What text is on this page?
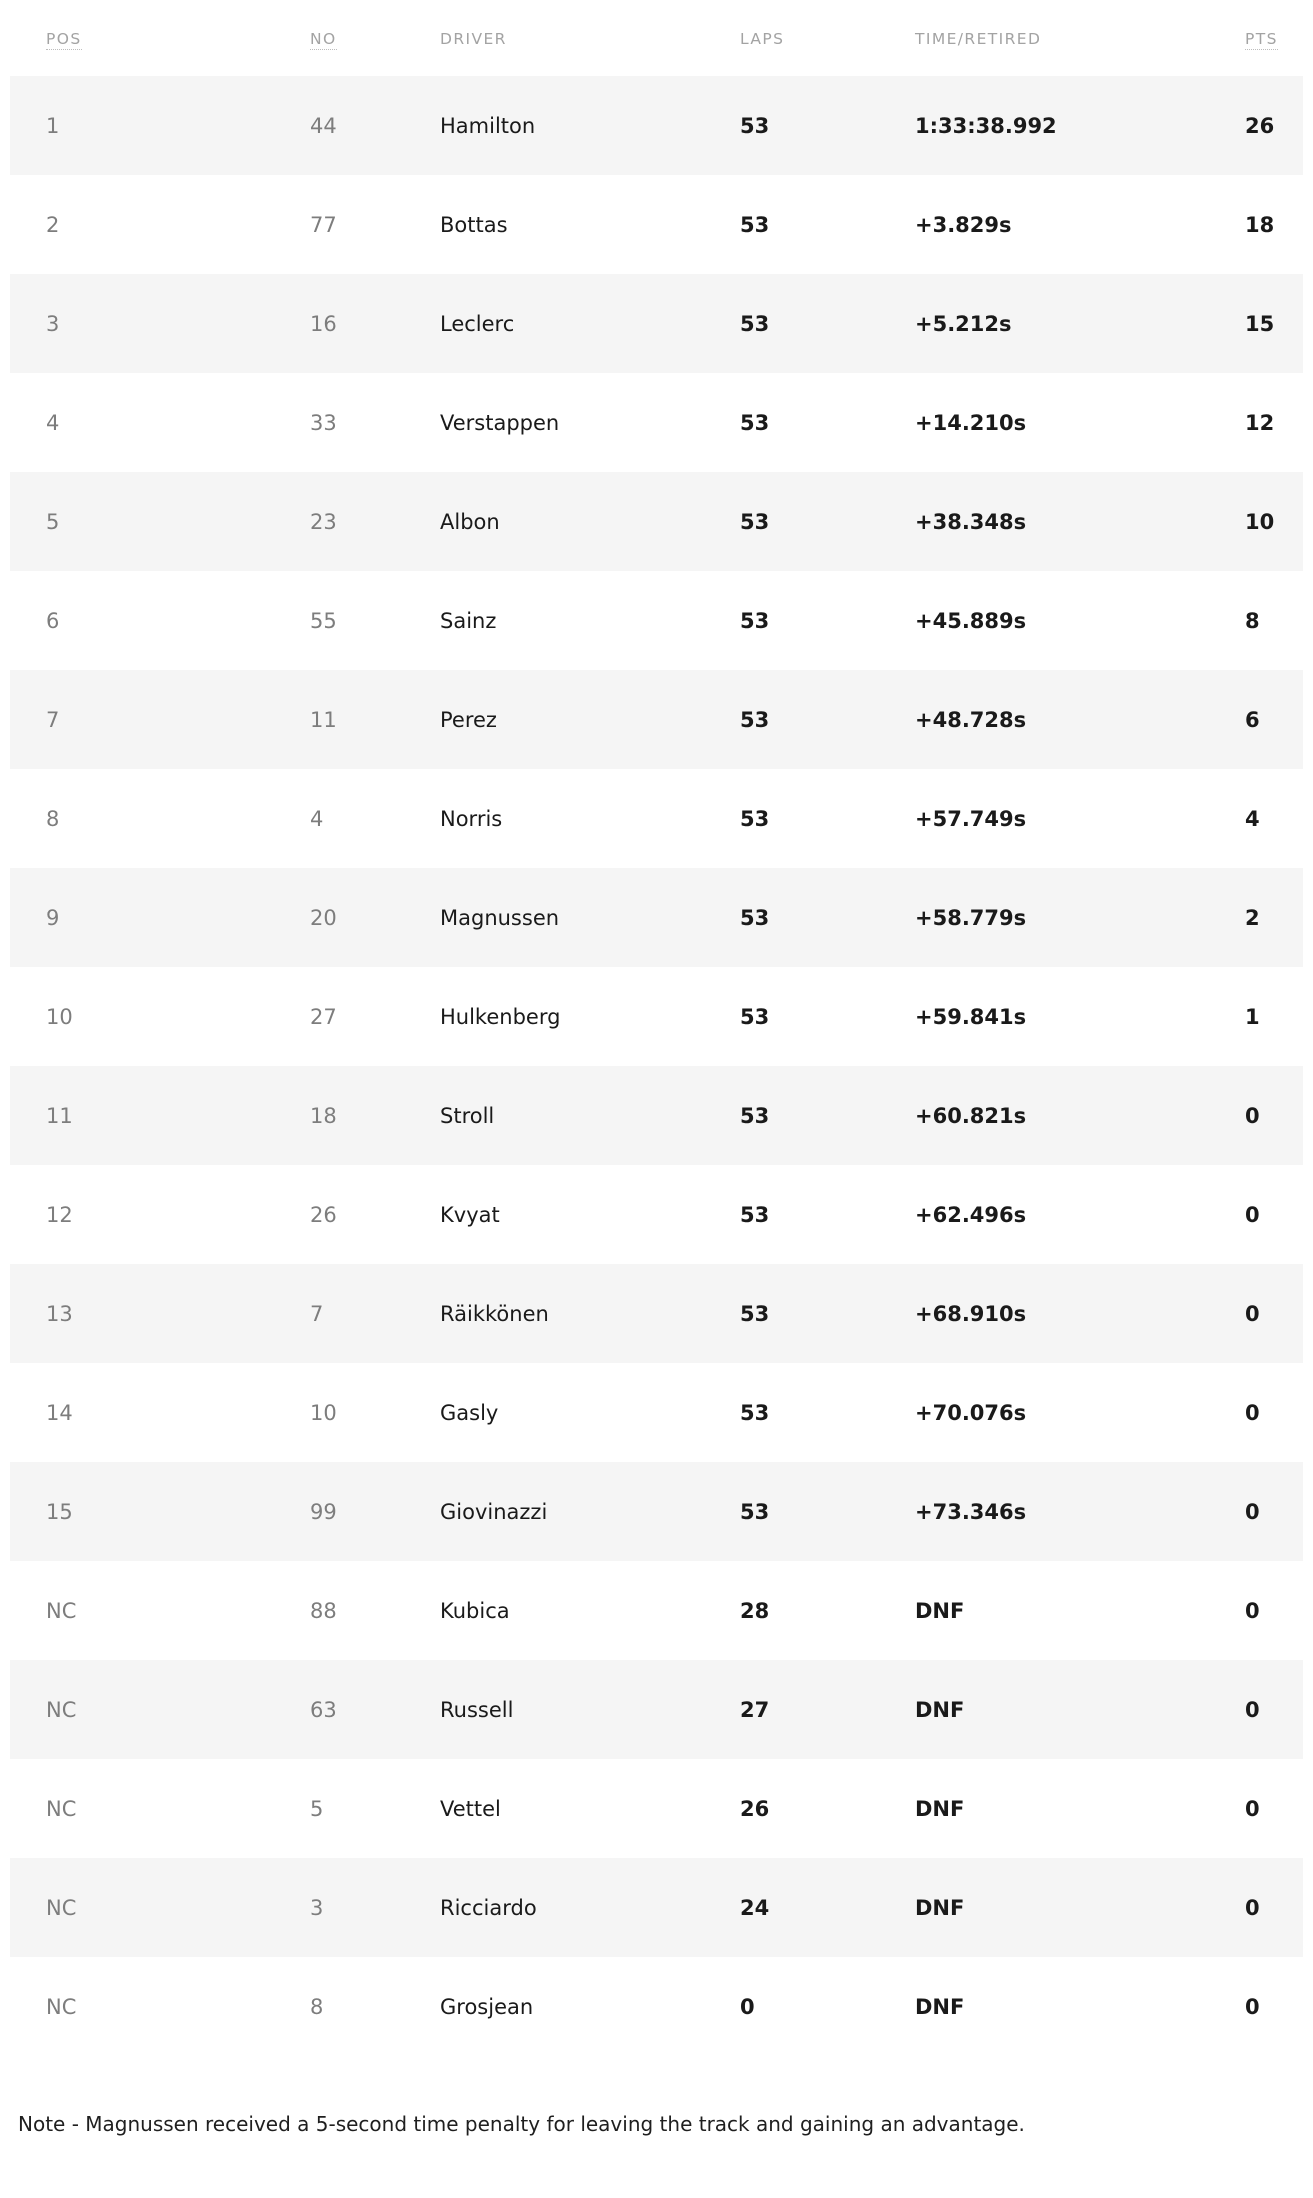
POS	NO	DRIVER	LAPS	TIME/RETIRED	PTS
1	44	Hamilton	53	1:33:38.992	26
2	77	Bottas	53	+3.829s	18
3	16	Leclerc	53	+5.212s	15
4	33	Verstappen	53	+14.210s	12
5	23	Albon	53	+38.348s	10
6	55	Sainz	53	+45.889s	8
7	11	Perez	53	+48.728s	6
8	4	Norris	53	+57.749s	4
9	20	Magnussen	53	+58.779s	2
10	27	Hulkenberg	53	+59.841s	1
11	18	Stroll	53	+60.821s	0
12	26	Kvyat	53	+62.496s	0
13	7	Räikkönen	53	+68.910s	0
14	10	Gasly	53	+70.076s	0
15	99	Giovinazzi	53	+73.346s	0
NC	88	Kubica	28	DNF	0
NC	63	Russell	27	DNF	0
NC	5	Vettel	26	DNF	0
NC	3	Ricciardo	24	DNF	0
NC	8	Grosjean	0	DNF	0
Note - Magnussen received a 5-second time penalty for leaving the track and gaining an advantage.
